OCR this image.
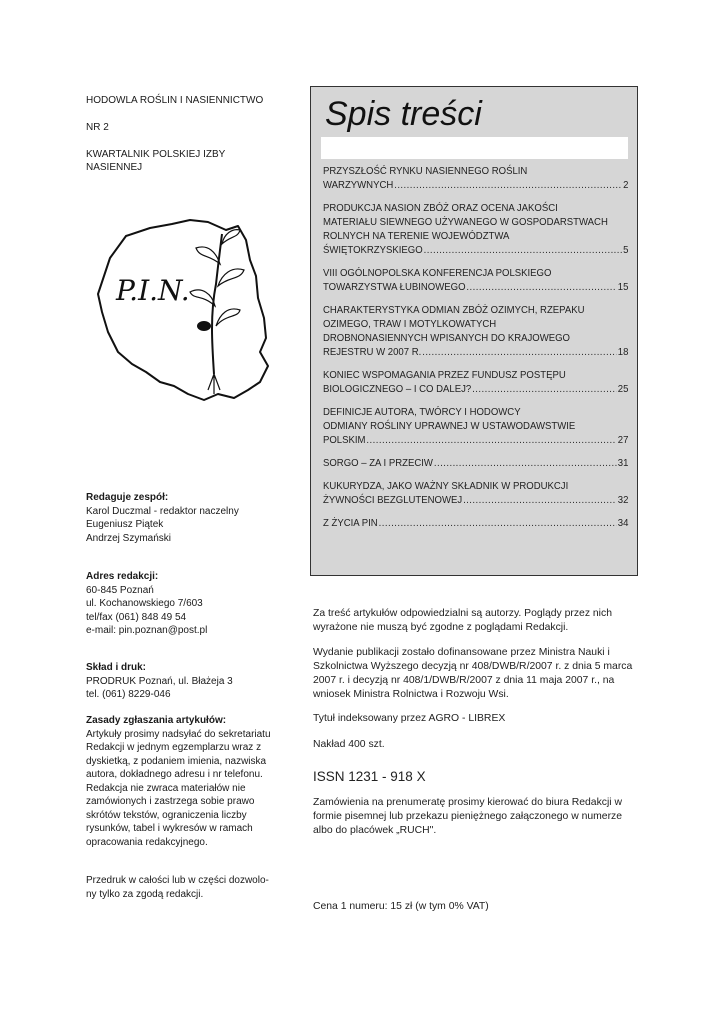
HODOWLA ROŚLIN I NASIENNICTWO

NR 2

KWARTALNIK POLSKIEJ IZBY NASIENNEJ

P.I.N.
Redaguje zespół:
Karol Duczmal - redaktor naczelny
Eugeniusz Piątek
Andrzej Szymański
Adres redakcji:
60-845 Poznań
ul. Kochanowskiego 7/603
tel/fax (061) 848 49 54
e-mail: pin.poznan@post.pl
Skład i druk:
PRODRUK Poznań, ul. Błażeja 3
tel. (061) 8229-046
Zasady zgłaszania artykułów:
Artykuły prosimy nadsyłać do sekretariatu
Redakcji w jednym egzemplarzu wraz z
dyskietką, z podaniem imienia, nazwiska
autora, dokładnego adresu i nr telefonu.
Redakcja nie zwraca materiałów nie
zamówionych i zastrzega sobie prawo
skrótów tekstów, ograniczenia liczby
rysunków, tabel i wykresów w ramach
opracowania redakcyjnego.
Przedruk w całości lub w części dozwolo-
ny tylko za zgodą redakcji.
Spis treści
PRZYSZŁOŚĆ RYNKU NASIENNEGO ROŚLIN
WARZYWNYCH .....	2
PRODUKCJA NASION ZBÓŻ ORAZ OCENA JAKOŚCI
MATERIAŁU SIEWNEGO UŻYWANEGO W GOSPODARSTWACH
ROLNYCH NA TERENIE WOJEWÓDZTWA
ŚWIĘTOKRZYSKIEGO .....	5
VIII OGÓLNOPOLSKA KONFERENCJA POLSKIEGO
TOWARZYSTWA ŁUBINOWEGO .....	15
CHARAKTERYSTYKA ODMIAN ZBÓŻ OZIMYCH, RZEPAKU
OZIMEGO, TRAW I MOTYLKOWATYCH
DROBNONASIENNYCH WPISANYCH DO KRAJOWEGO
REJESTRU W 2007 R. .....	18
KONIEC WSPOMAGANIA PRZEZ FUNDUSZ POSTĘPU
BIOLOGICZNEGO – I CO DALEJ? .....	25
DEFINICJE AUTORA, TWÓRCY I HODOWCY
ODMIANY ROŚLINY UPRAWNEJ W USTAWODAWSTWIE
POLSKIM .....	27
SORGO – ZA I PRZECIW .....	31
KUKURYDZA, JAKO WAŻNY SKŁADNIK W PRODUKCJI
ŻYWNOŚCI BEZGLUTENOWEJ .....	32
Z ŻYCIA PIN .....	34

Za treść artykułów odpowiedzialni są autorzy. Poglądy przez nich wyrażone nie muszą być zgodne z poglądami Redakcji.

Wydanie publikacji zostało dofinansowane przez Ministra Nauki i Szkolnictwa Wyższego decyzją nr 408/DWB/R/2007 r. z dnia 5 marca 2007 r. i decyzją nr 408/1/DWB/R/2007 z dnia 11 maja 2007 r., na wniosek Ministra Rolnictwa i Rozwoju Wsi.

Tytuł indeksowany przez AGRO - LIBREX

Nakład 400 szt.

ISSN 1231 - 918 X

Zamówienia na prenumeratę prosimy kierować do biura Redakcji w formie pisemnej lub przekazu pieniężnego załączonego w numerze albo do placówek „RUCH".

Cena 1 numeru: 15 zł (w tym 0% VAT)
